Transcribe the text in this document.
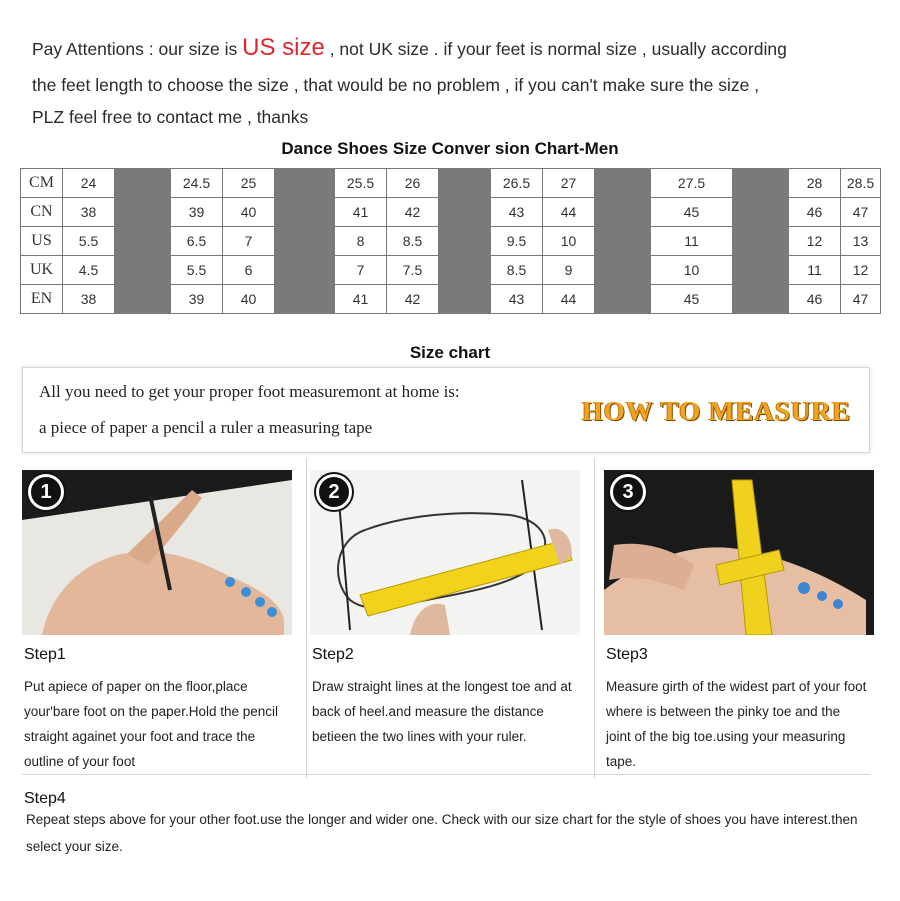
Pay Attentions : our size is US size , not UK size . if your feet is normal size , usually according
the feet length to choose the size , that would be no problem , if you can't make sure the size ,
PLZ feel free to contact me , thanks
Dance Shoes Size Conver sion Chart-Men
CM	24		24.5	25		25.5	26		26.5	27		27.5		28	28.5
CN	38		39	40		41	42		43	44		45		46	47
US	5.5		6.5	7		8	8.5		9.5	10		11		12	13
UK	4.5		5.5	6		7	7.5		8.5	9		10		11	12
EN	38		39	40		41	42		43	44		45		46	47
Size chart
All you need to get your proper foot measuremont at home is:
a piece of paper a pencil a ruler a measuring tape
HOW TO MEASURE
1
Step1
Put apiece of paper on the floor,place your'bare foot on the paper.Hold the pencil straight againet your foot and trace the outline of your foot
2
Step2
Draw straight lines at the longest toe and at back of heel.and measure the distance betieen the two lines with your ruler.
3
Step3
Measure girth of the widest part of your foot where is between the pinky toe and the joint of the big toe.using your measuring tape.
Step4
Repeat steps above for your other foot.use the longer and wider one. Check with our size chart for the style of shoes you have interest.then select your size.
